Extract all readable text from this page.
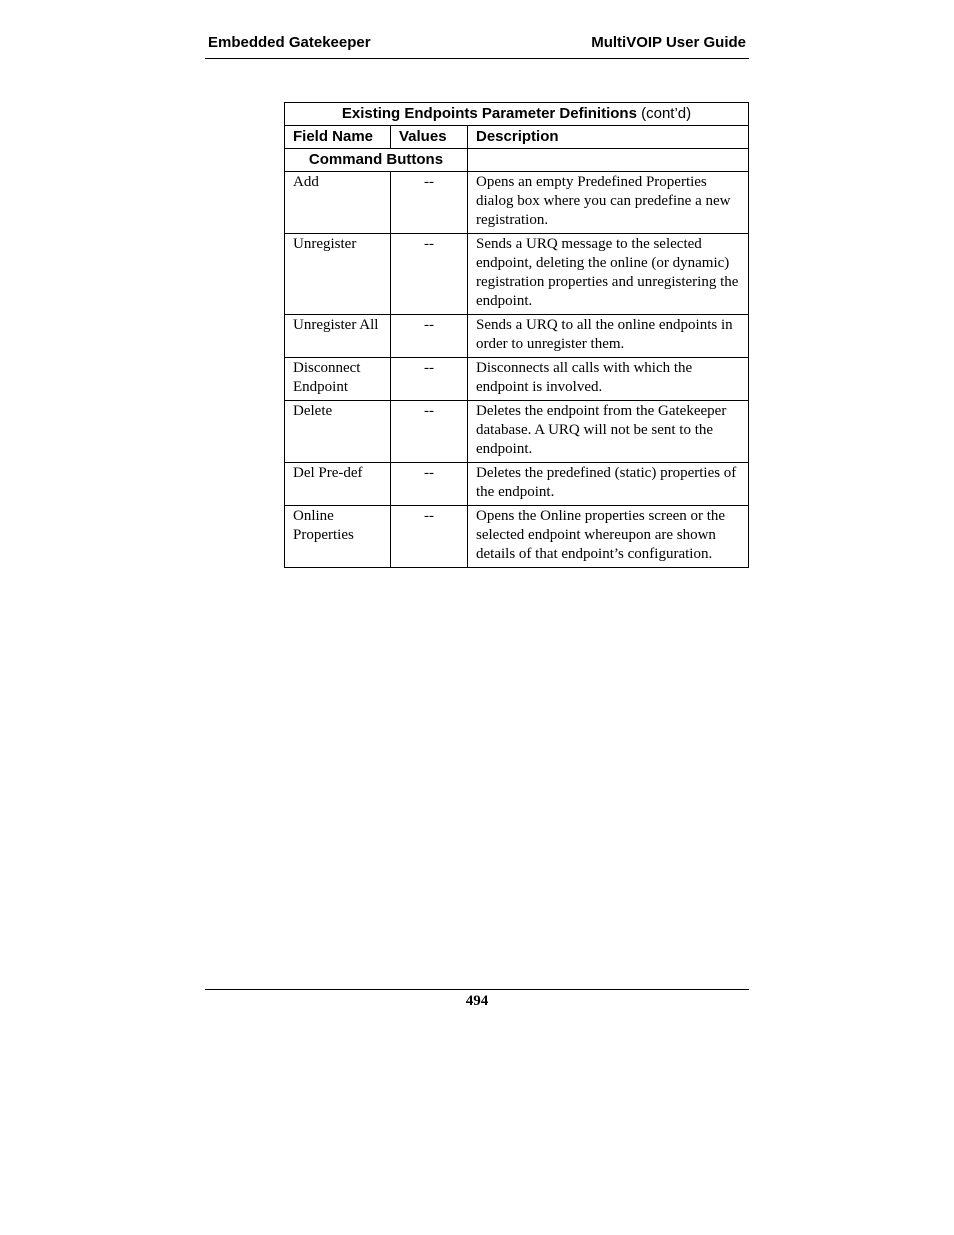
Embedded Gatekeeper	MultiVOIP User Guide
Existing Endpoints Parameter Definitions (cont’d)		
Field Name	Values	Description
Command Buttons		
Add	--	Opens an empty Predefined Properties dialog box where you can predefine a new registration.
Unregister	--	Sends a URQ message to the selected endpoint, deleting the online (or dynamic) registration properties and unregistering the endpoint.
Unregister All	--	Sends a URQ to all the online endpoints in order to unregister them.
Disconnect Endpoint	--	Disconnects all calls with which the endpoint is involved.
Delete	--	Deletes the endpoint from the Gatekeeper database. A URQ will not be sent to the endpoint.
Del Pre-def	--	Deletes the predefined (static) properties of the endpoint.
Online Properties	--	Opens the Online properties screen or the selected endpoint whereupon are shown details of that endpoint’s configuration.
494
